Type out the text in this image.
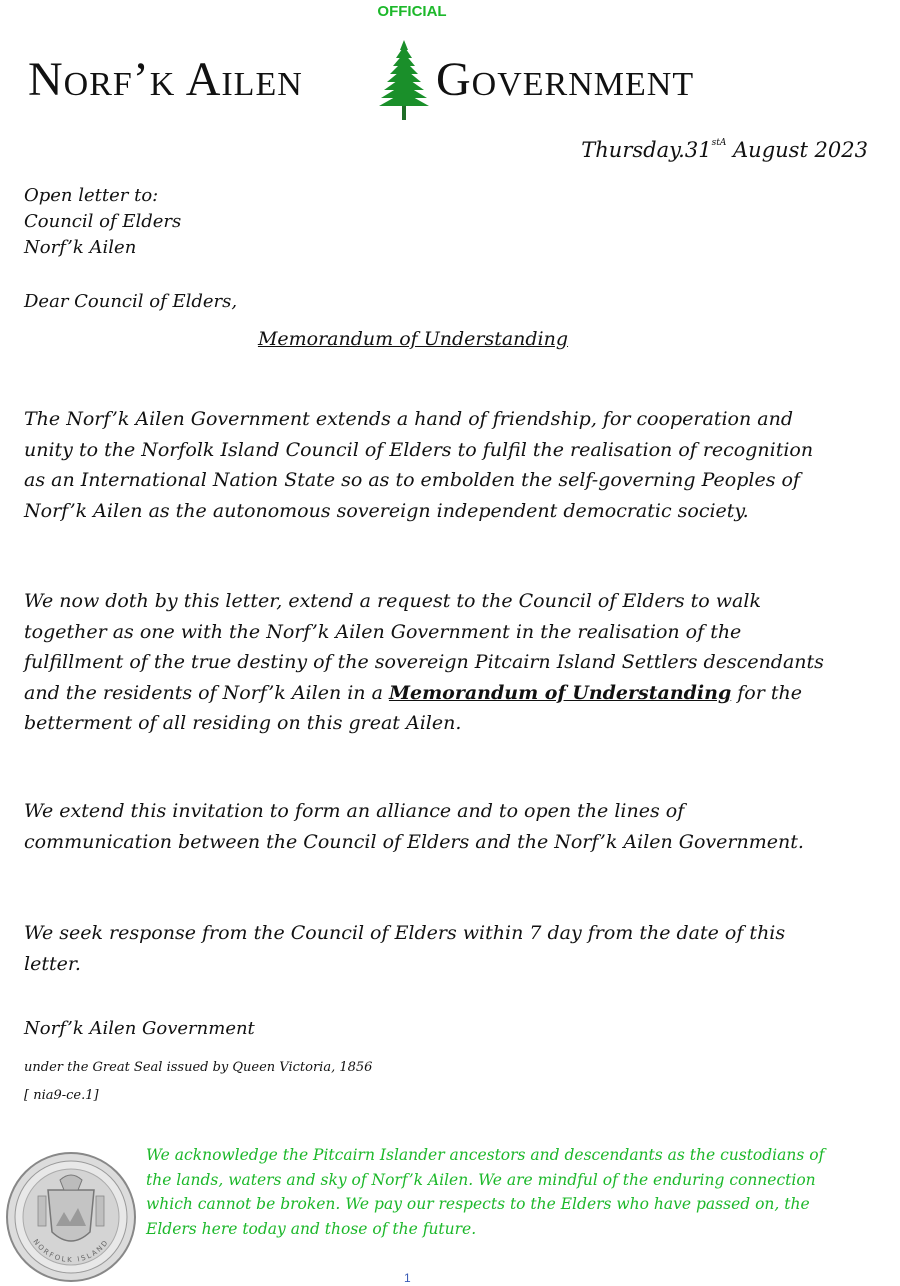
OFFICIAL
Norf’k Ailen	Government
$Thursday.31^{stA}$ August 2023
Open letter to:
Council of Elders
Norf’k Ailen
Dear Council of Elders,
Memorandum of Understanding
The Norf’k Ailen Government extends a hand of friendship, for cooperation and unity to the Norfolk Island Council of Elders to fulfil the realisation of recognition as an International Nation State so as to embolden the self-governing Peoples of Norf’k Ailen as the autonomous sovereign independent democratic society.
We now doth by this letter, extend a request to the Council of Elders to walk together as one with the Norf’k Ailen Government in the realisation of the fulfillment of the true destiny of the sovereign Pitcairn Island Settlers descendants and the residents of Norf’k Ailen in a Memorandum of Understanding for the betterment of all residing on this great Ailen.
We extend this invitation to form an alliance and to open the lines of communication between the Council of Elders and the Norf’k Ailen Government.
We seek response from the Council of Elders within 7 day from the date of this letter.
Norf’k Ailen Government
under the Great Seal issued by Queen Victoria, 1856
[ nia9-ce.1]
NORFOLK ISLAND
We acknowledge the Pitcairn Islander ancestors and descendants as the custodians of the lands, waters and sky of Norf’k Ailen. We are mindful of the enduring connection which cannot be broken. We pay our respects to the Elders who have passed on, the Elders here today and those of the future.
1
